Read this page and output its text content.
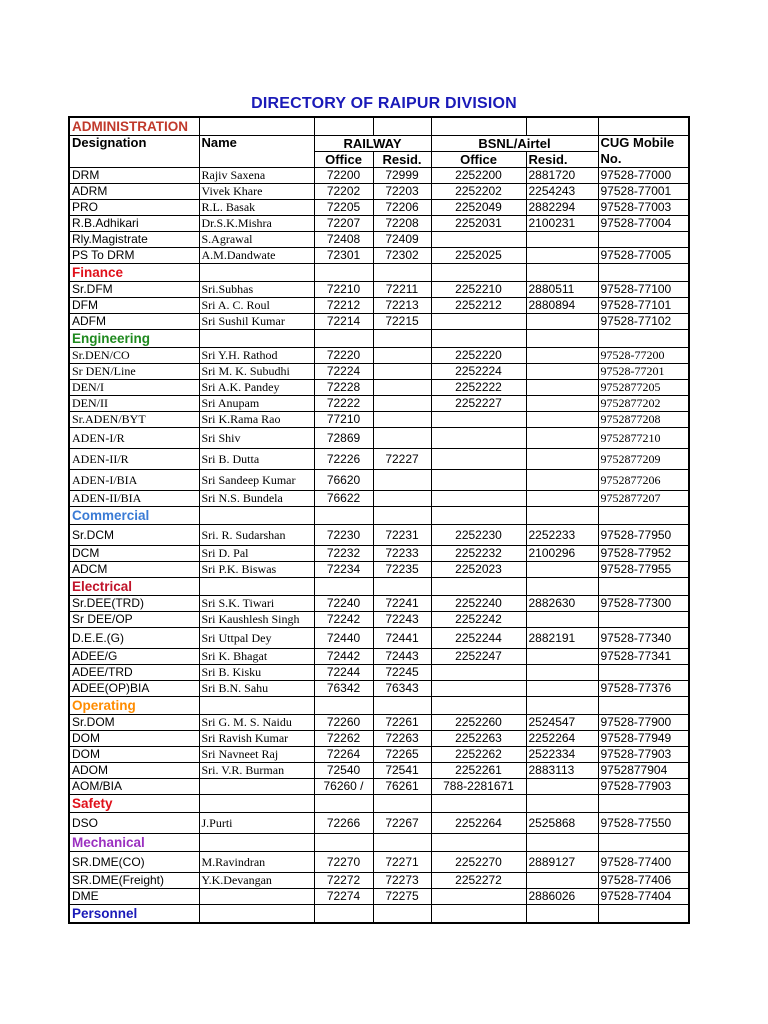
DIRECTORY OF RAIPUR DIVISION
ADMINISTRATION						
Designation	Name	RAILWAY		BSNL/Airtel		CUG Mobile
No.

		Office	Resid.	Office	Resid.	
DRM	Rajiv Saxena	72200	72999	2252200	2881720	97528-77000
ADRM	Vivek Khare	72202	72203	2252202	2254243	97528-77001
PRO	R.L. Basak	72205	72206	2252049	2882294	97528-77003
R.B.Adhikari	Dr.S.K.Mishra	72207	72208	2252031	2100231	97528-77004
Rly.Magistrate	S.Agrawal	72408	72409			
PS To DRM	A.M.Dandwate	72301	72302	2252025		97528-77005
Finance						
Sr.DFM	Sri.Subhas	72210	72211	2252210	2880511	97528-77100
DFM	Sri A. C. Roul	72212	72213	2252212	2880894	97528-77101
ADFM	Sri Sushil Kumar	72214	72215			97528-77102
Engineering						
Sr.DEN/CO	Sri Y.H. Rathod	72220		2252220		97528-77200
Sr DEN/Line	Sri M. K. Subudhi	72224		2252224		97528-77201
DEN/I	Sri A.K. Pandey	72228		2252222		9752877205
DEN/II	Sri Anupam	72222		2252227		9752877202
Sr.ADEN/BYT	Sri K.Rama Rao	77210				9752877208
ADEN-I/R	Sri Shiv	72869				9752877210
ADEN-II/R	Sri B. Dutta	72226	72227			9752877209
ADEN-I/BIA	Sri Sandeep Kumar	76620				9752877206
ADEN-II/BIA	Sri N.S. Bundela	76622				9752877207
Commercial						
Sr.DCM	Sri. R. Sudarshan	72230	72231	2252230	2252233	97528-77950
DCM	Sri D. Pal	72232	72233	2252232	2100296	97528-77952
ADCM	Sri P.K. Biswas	72234	72235	2252023		97528-77955
Electrical						
Sr.DEE(TRD)	Sri S.K. Tiwari	72240	72241	2252240	2882630	97528-77300
Sr DEE/OP	Sri Kaushlesh Singh	72242	72243	2252242		
D.E.E.(G)	Sri Uttpal Dey	72440	72441	2252244	2882191	97528-77340
ADEE/G	Sri K. Bhagat	72442	72443	2252247		97528-77341
ADEE/TRD	Sri B. Kisku	72244	72245			
ADEE(OP)BIA	Sri B.N. Sahu	76342	76343			97528-77376
Operating						
Sr.DOM	Sri G. M. S. Naidu	72260	72261	2252260	2524547	97528-77900
DOM	Sri Ravish Kumar	72262	72263	2252263	2252264	97528-77949
DOM	Sri Navneet Raj	72264	72265	2252262	2522334	97528-77903
ADOM	Sri. V.R. Burman	72540	72541	2252261	2883113	9752877904
AOM/BIA		76260 /	76261	788-2281671		97528-77903
Safety						
DSO	J.Purti	72266	72267	2252264	2525868	97528-77550
Mechanical						
SR.DME(CO)	M.Ravindran	72270	72271	2252270	2889127	97528-77400
SR.DME(Freight)	Y.K.Devangan	72272	72273	2252272		97528-77406
DME		72274	72275		2886026	97528-77404
Personnel						
